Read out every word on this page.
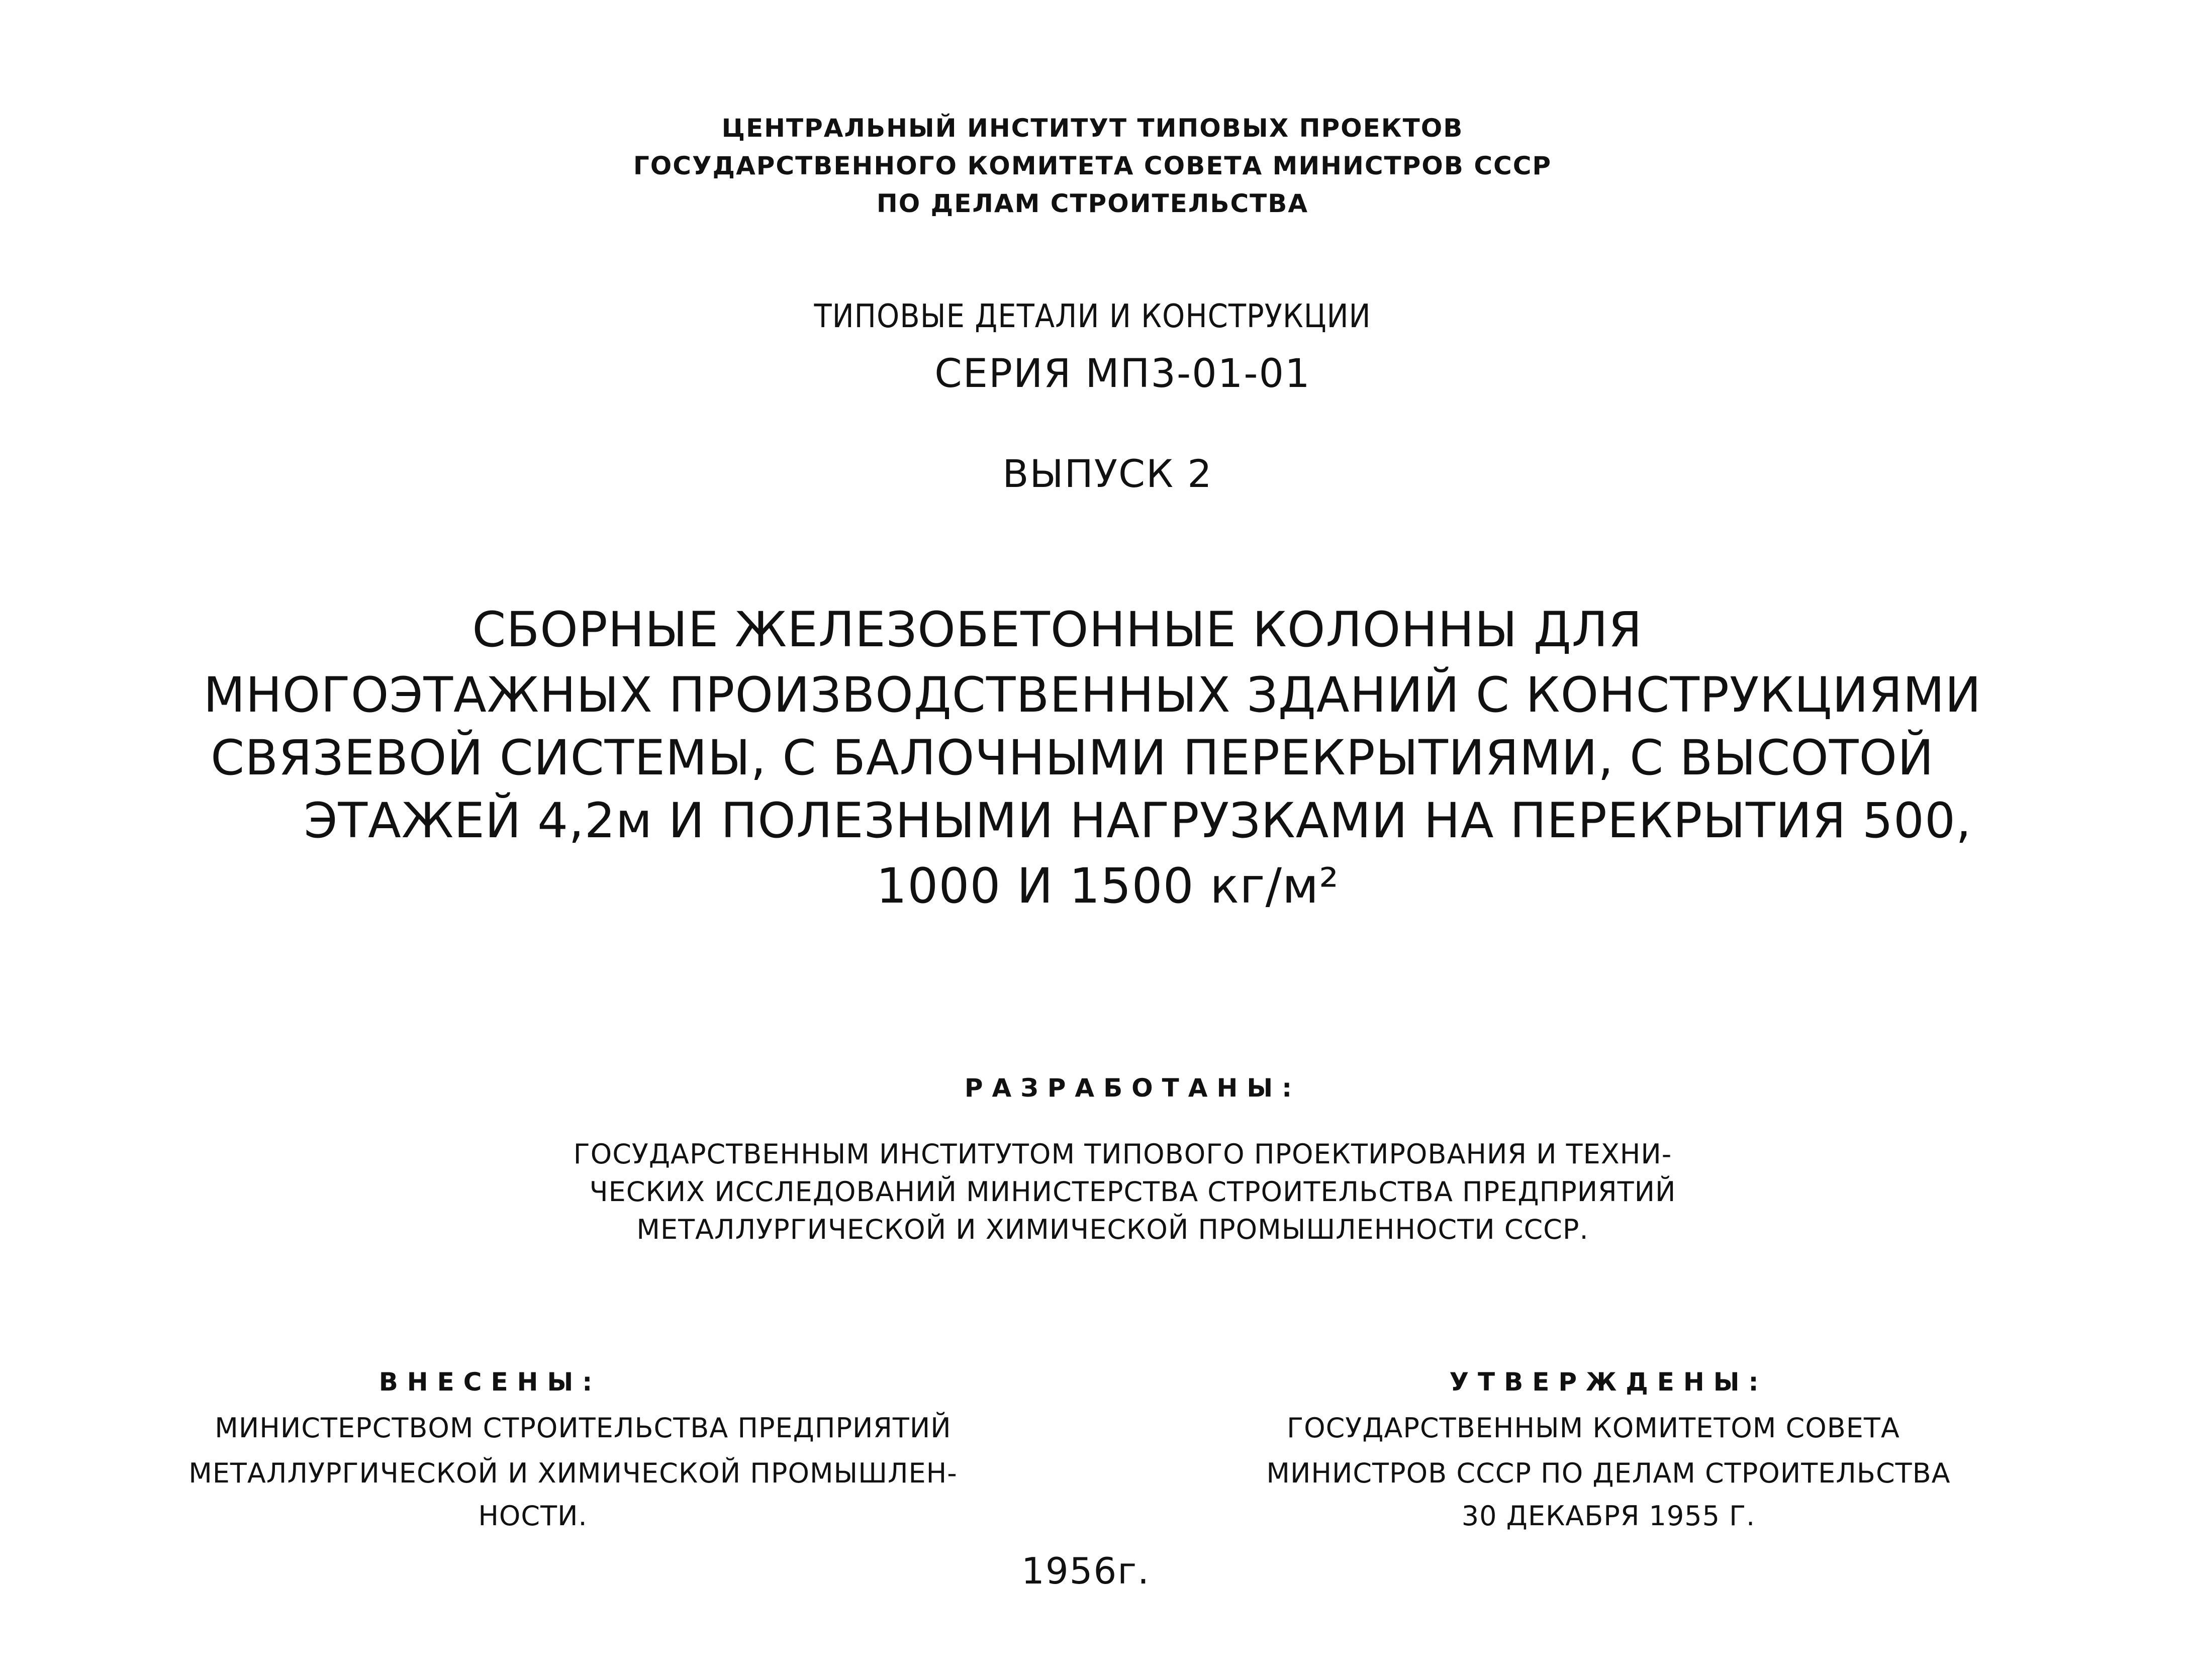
ЦЕНТРАЛЬНЫЙ ИНСТИТУТ ТИПОВЫХ ПРОЕКТОВ
ГОСУДАРСТВЕННОГО КОМИТЕТА СОВЕТА МИНИСТРОВ СССР
ПО ДЕЛАМ СТРОИТЕЛЬСТВА
ТИПОВЫЕ ДЕТАЛИ И КОНСТРУКЦИИ
СЕРИЯ МП3-01-01
ВЫПУСК 2
СБОРНЫЕ ЖЕЛЕЗОБЕТОННЫЕ КОЛОННЫ ДЛЯ
МНОГОЭТАЖНЫХ ПРОИЗВОДСТВЕННЫХ ЗДАНИЙ С КОНСТРУКЦИЯМИ
СВЯЗЕВОЙ СИСТЕМЫ, С БАЛОЧНЫМИ ПЕРЕКРЫТИЯМИ, С ВЫСОТОЙ
ЭТАЖЕЙ 4,2м И ПОЛЕЗНЫМИ НАГРУЗКАМИ НА ПЕРЕКРЫТИЯ 500,
1000 И 1500 кг/м²
РАЗРАБОТАНЫ:
ГОСУДАРСТВЕННЫМ ИНСТИТУТОМ ТИПОВОГО ПРОЕКТИРОВАНИЯ И ТЕХНИ-
ЧЕСКИХ ИССЛЕДОВАНИЙ МИНИСТЕРСТВА СТРОИТЕЛЬСТВА ПРЕДПРИЯТИЙ
МЕТАЛЛУРГИЧЕСКОЙ И ХИМИЧЕСКОЙ ПРОМЫШЛЕННОСТИ СССР.
ВНЕСЕНЫ:
МИНИСТЕРСТВОМ СТРОИТЕЛЬСТВА ПРЕДПРИЯТИЙ
МЕТАЛЛУРГИЧЕСКОЙ И ХИМИЧЕСКОЙ ПРОМЫШЛЕН-
НОСТИ.
УТВЕРЖДЕНЫ:
ГОСУДАРСТВЕННЫМ КОМИТЕТОМ СОВЕТА
МИНИСТРОВ СССР ПО ДЕЛАМ СТРОИТЕЛЬСТВА
30 ДЕКАБРЯ 1955 Г.
1956г.
